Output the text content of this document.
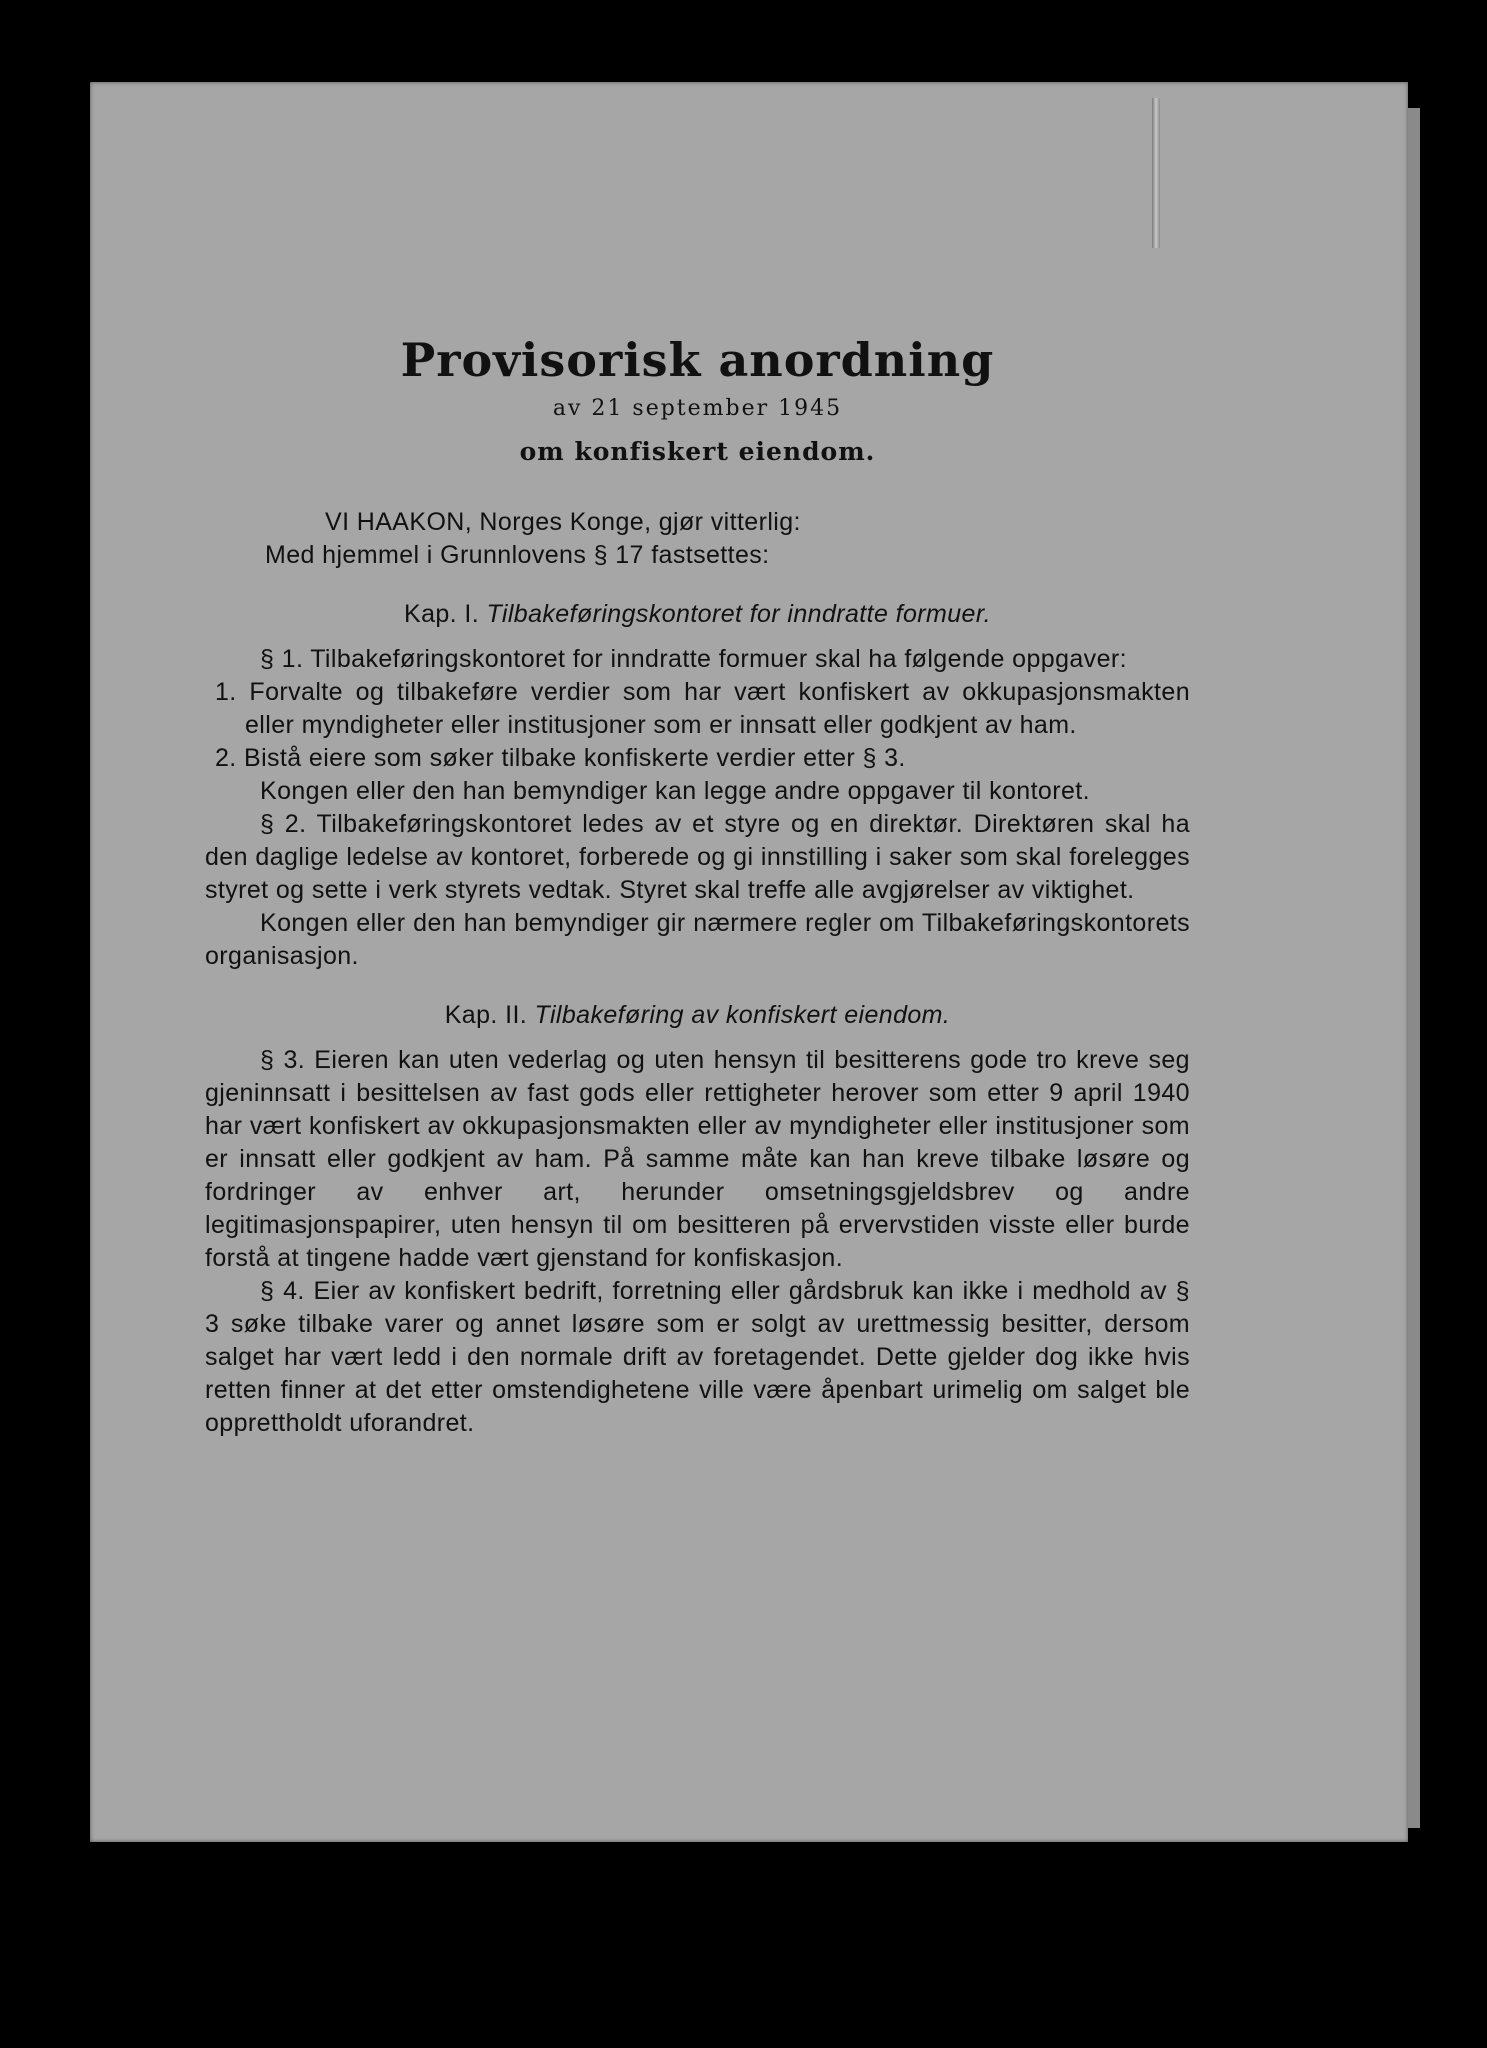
Provisorisk anordning
av 21 september 1945
om konfiskert eiendom.

VI HAAKON, Norges Konge, gjør vitterlig:

Med hjemmel i Grunnlovens § 17 fastsettes:

Kap. I. Tilbakeføringskontoret for inndratte formuer.

§ 1. Tilbakeføringskontoret for inndratte formuer skal ha følgende oppgaver:

1. Forvalte og tilbakeføre verdier som har vært konfiskert av okkupasjonsmakten eller myndigheter eller institusjoner som er innsatt eller godkjent av ham.

2. Bistå eiere som søker tilbake konfiskerte verdier etter § 3.

Kongen eller den han bemyndiger kan legge andre oppgaver til kontoret.

§ 2. Tilbakeføringskontoret ledes av et styre og en direktør. Direktøren skal ha den daglige ledelse av kontoret, forberede og gi innstilling i saker som skal forelegges styret og sette i verk styrets vedtak. Styret skal treffe alle avgjørelser av viktighet.

Kongen eller den han bemyndiger gir nærmere regler om Tilbakeføringskontorets organisasjon.

Kap. II. Tilbakeføring av konfiskert eiendom.

§ 3. Eieren kan uten vederlag og uten hensyn til besitterens gode tro kreve seg gjeninnsatt i besittelsen av fast gods eller rettigheter herover som etter 9 april 1940 har vært konfiskert av okkupasjonsmakten eller av myndigheter eller institusjoner som er innsatt eller godkjent av ham. På samme måte kan han kreve tilbake løsøre og fordringer av enhver art, herunder omsetningsgjeldsbrev og andre legitimasjonspapirer, uten hensyn til om besitteren på ervervstiden visste eller burde forstå at tingene hadde vært gjenstand for konfiskasjon.

§ 4. Eier av konfiskert bedrift, forretning eller gårdsbruk kan ikke i medhold av § 3 søke tilbake varer og annet løsøre som er solgt av urettmessig besitter, dersom salget har vært ledd i den normale drift av foretagendet. Dette gjelder dog ikke hvis retten finner at det etter omstendighetene ville være åpenbart urimelig om salget ble opprettholdt uforandret.
